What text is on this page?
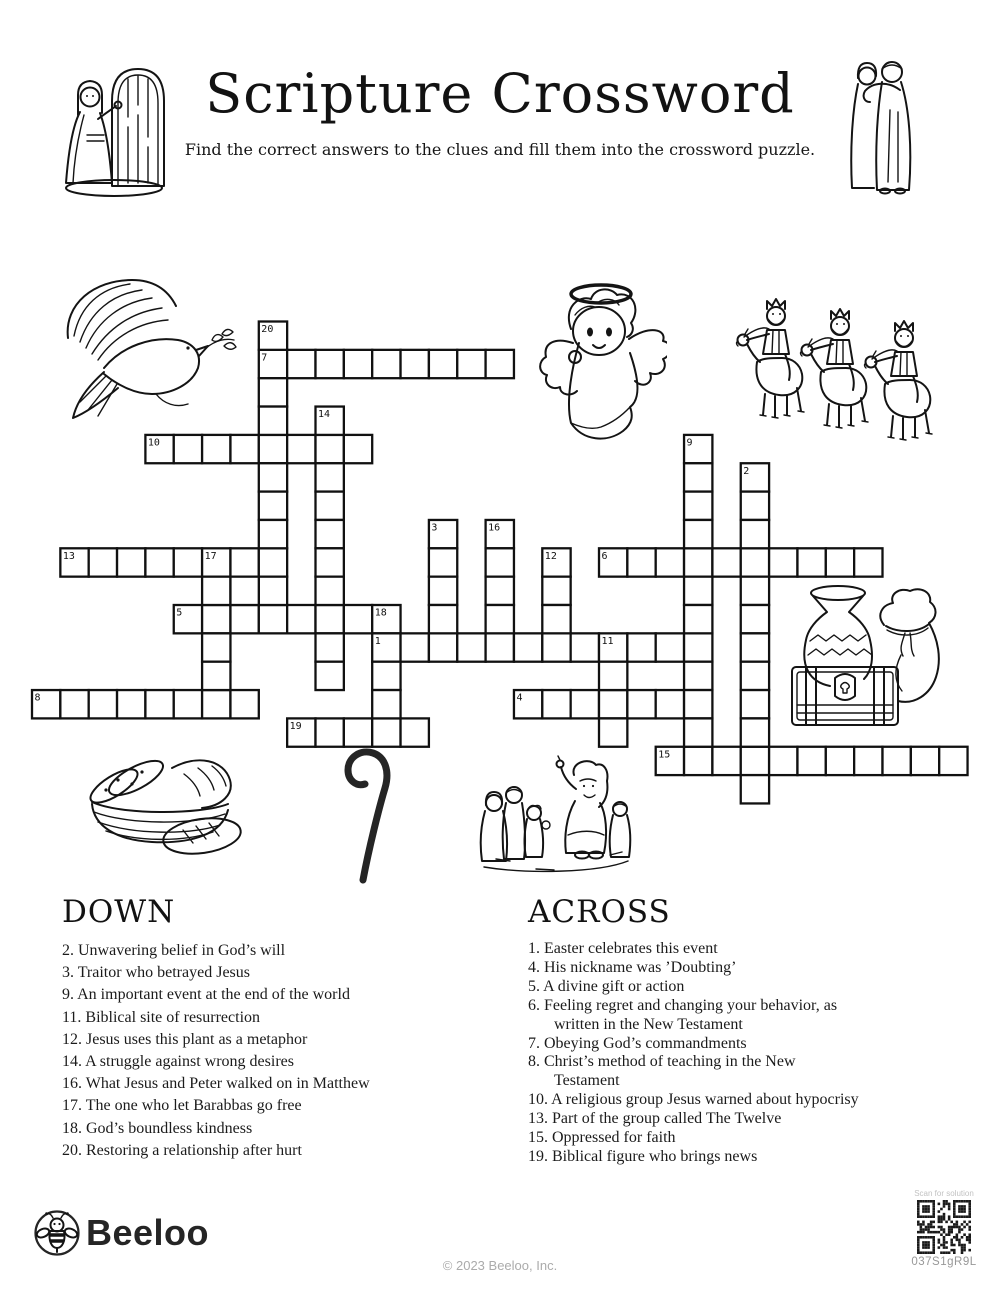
Scripture Crossword
Find the correct answers to the clues and fill them into the crossword puzzle.
7
10
13	6
5
1
8	4
19
15
20
14
9
2
3	16
17	12
18
11
DOWN
2. Unwavering belief in God’s will
3. Traitor who betrayed Jesus
9. An important event at the end of the world
11. Biblical site of resurrection
12. Jesus uses this plant as a metaphor
14. A struggle against wrong desires
16. What Jesus and Peter walked on in Matthew
17. The one who let Barabbas go free
18. God’s boundless kindness
20. Restoring a relationship after hurt
ACROSS
1. Easter celebrates this event
4. His nickname was ’Doubting’
5. A divine gift or action
6. Feeling regret and changing your behavior, as
written in the New Testament
7. Obeying God’s commandments
8. Christ’s method of teaching in the New
Testament
10. A religious group Jesus warned about hypocrisy
13. Part of the group called The Twelve
15. Oppressed for faith
19. Biblical figure who brings news
Beeloo
© 2023 Beeloo, Inc.
Scan for solution
037S1gR9L
